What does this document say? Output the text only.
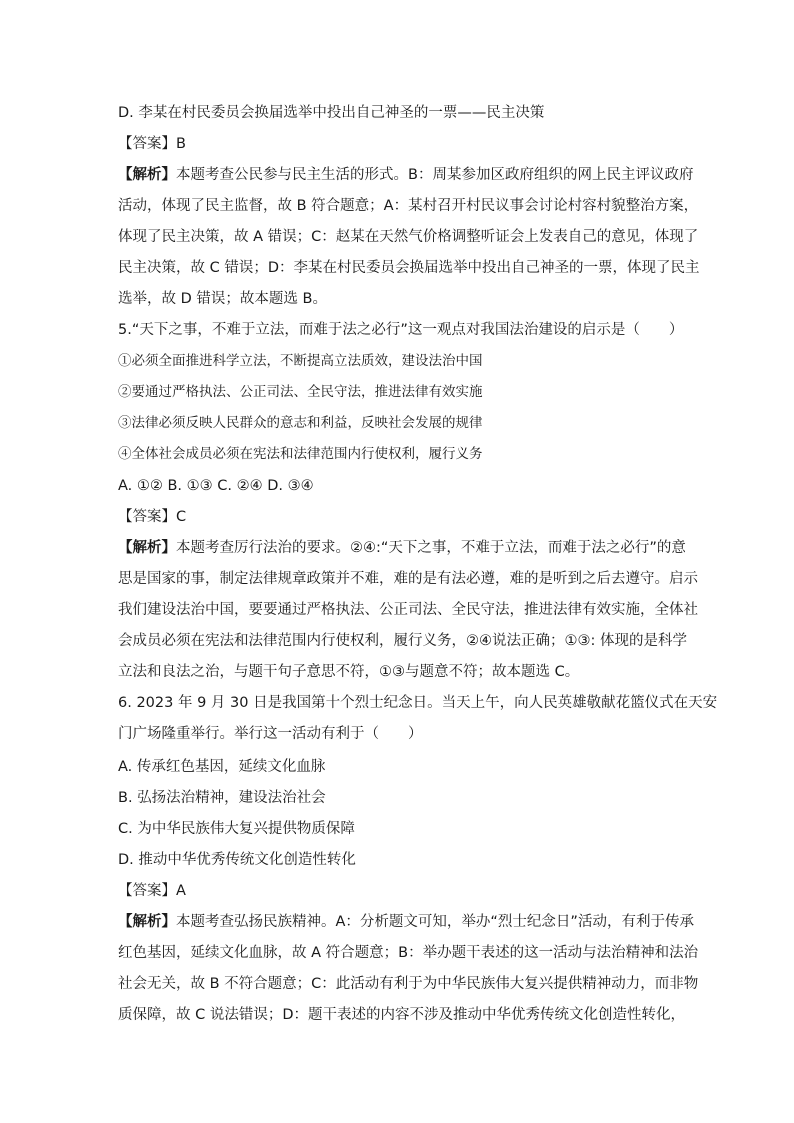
D. 李某在村民委员会换届选举中投出自己神圣的一票——民主决策
【答案】B
【解析】本题考查公民参与民主生活的形式。B：周某参加区政府组织的网上民主评议政府
活动，体现了民主监督，故 B 符合题意；A：某村召开村民议事会讨论村容村貌整治方案，
体现了民主决策，故 A 错误；C：赵某在天然气价格调整听证会上发表自己的意见，体现了
民主决策，故 C 错误；D：李某在村民委员会换届选举中投出自己神圣的一票，体现了民主
选举，故 D 错误；故本题选 B。
5.“天下之事，不难于立法，而难于法之必行”这一观点对我国法治建设的启示是（　　）
①必须全面推进科学立法，不断提高立法质效，建设法治中国
②要通过严格执法、公正司法、全民守法，推进法律有效实施
③法律必须反映人民群众的意志和利益，反映社会发展的规律
④全体社会成员必须在宪法和法律范围内行使权利，履行义务
A. ①② B. ①③ C. ②④ D. ③④
【答案】C
【解析】本题考查厉行法治的要求。②④:“天下之事，不难于立法，而难于法之必行”的意
思是国家的事，制定法律规章政策并不难，难的是有法必遵，难的是听到之后去遵守。启示
我们建设法治中国，要要通过严格执法、公正司法、全民守法，推进法律有效实施，全体社
会成员必须在宪法和法律范围内行使权利，履行义务，②④说法正确；①③: 体现的是科学
立法和良法之治，与题干句子意思不符，①③与题意不符；故本题选 C。
6. 2023 年 9 月 30 日是我国第十个烈士纪念日。当天上午，向人民英雄敬献花篮仪式在天安
门广场隆重举行。举行这一活动有利于（　　）
A. 传承红色基因，延续文化血脉
B. 弘扬法治精神，建设法治社会
C. 为中华民族伟大复兴提供物质保障
D. 推动中华优秀传统文化创造性转化
【答案】A
【解析】本题考查弘扬民族精神。A：分析题文可知，举办“烈士纪念日”活动，有利于传承
红色基因，延续文化血脉，故 A 符合题意；B：举办题干表述的这一活动与法治精神和法治
社会无关，故 B 不符合题意；C：此活动有利于为中华民族伟大复兴提供精神动力，而非物
质保障，故 C 说法错误；D：题干表述的内容不涉及推动中华优秀传统文化创造性转化，
